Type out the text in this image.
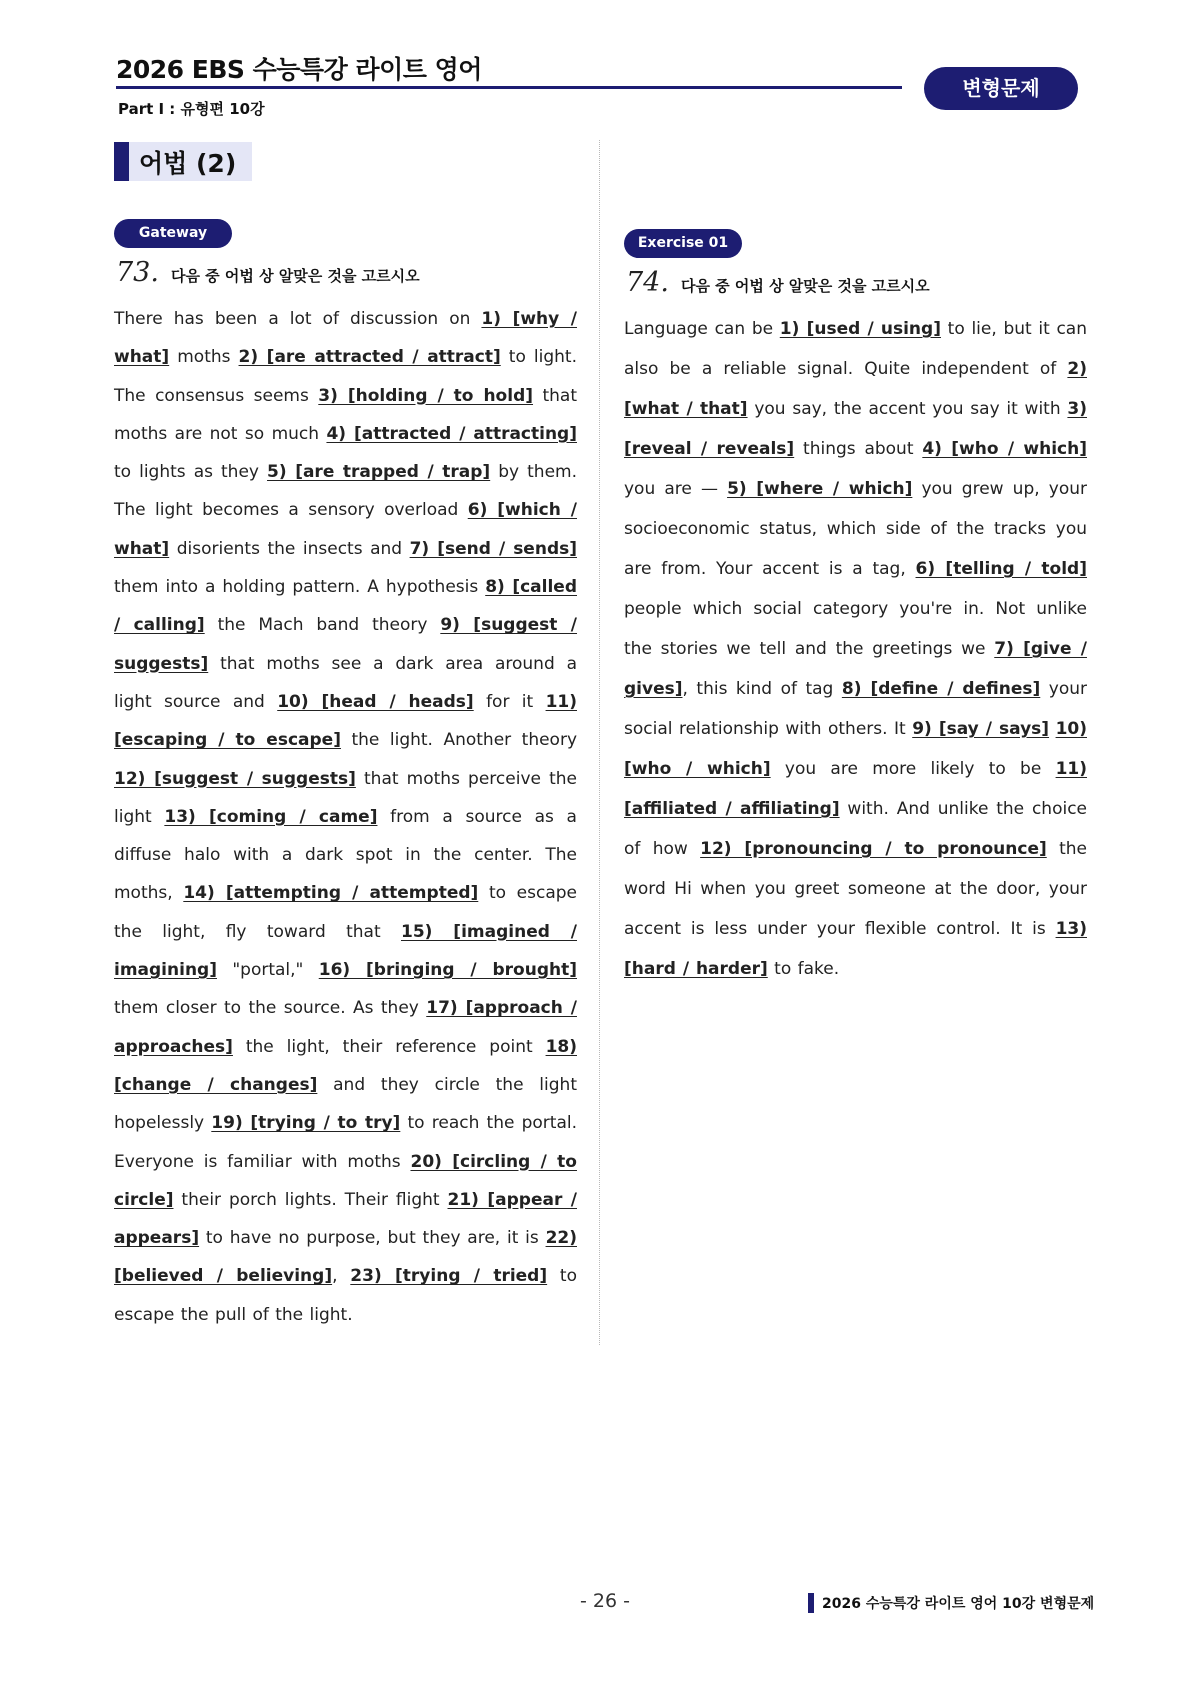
2026 EBS 수능특강 라이트 영어
Part Ⅰ : 유형편 10강
변형문제
어법 (2)
Gateway
73. 다음 중 어법 상 알맞은 것을 고르시오
There has been a lot of discussion on 1) [why / what] moths 2) [are attracted / attract] to light. The consensus seems 3) [holding / to hold] that moths are not so much 4) [attracted / attracting] to lights as they 5) [are trapped / trap] by them. The light becomes a sensory overload 6) [which / what] disorients the insects and 7) [send / sends] them into a holding pattern. A hypothesis 8) [called / calling] the Mach band theory 9) [suggest / suggests] that moths see a dark area around a light source and 10) [head / heads] for it 11) [escaping / to escape] the light. Another theory 12) [suggest / suggests] that moths perceive the light 13) [coming / came] from a source as a diffuse halo with a dark spot in the center. The moths, 14) [attempting / attempted] to escape the light, fly toward that 15) [imagined / imagining] "portal," 16) [bringing / brought] them closer to the source. As they 17) [approach / approaches] the light, their reference point 18) [change / changes] and they circle the light hopelessly 19) [trying / to try] to reach the portal. Everyone is familiar with moths 20) [circling / to circle] their porch lights. Their flight 21) [appear / appears] to have no purpose, but they are, it is 22) [believed / believing], 23) [trying / tried] to escape the pull of the light.
Exercise 01
74. 다음 중 어법 상 알맞은 것을 고르시오
Language can be 1) [used / using] to lie, but it can also be a reliable signal. Quite independent of 2) [what / that] you say, the accent you say it with 3) [reveal / reveals] things about 4) [who / which] you are — 5) [where / which] you grew up, your socioeconomic status, which side of the tracks you are from. Your accent is a tag, 6) [telling / told] people which social category you're in. Not unlike the stories we tell and the greetings we 7) [give / gives], this kind of tag 8) [define / defines] your social relationship with others. It 9) [say / says] 10) [who / which] you are more likely to be 11) [affiliated / affiliating] with. And unlike the choice of how 12) [pronouncing / to pronounce] the word Hi when you greet someone at the door, your accent is less under your flexible control. It is 13) [hard / harder] to fake.
- 26 -	2026 수능특강 라이트 영어 10강 변형문제
